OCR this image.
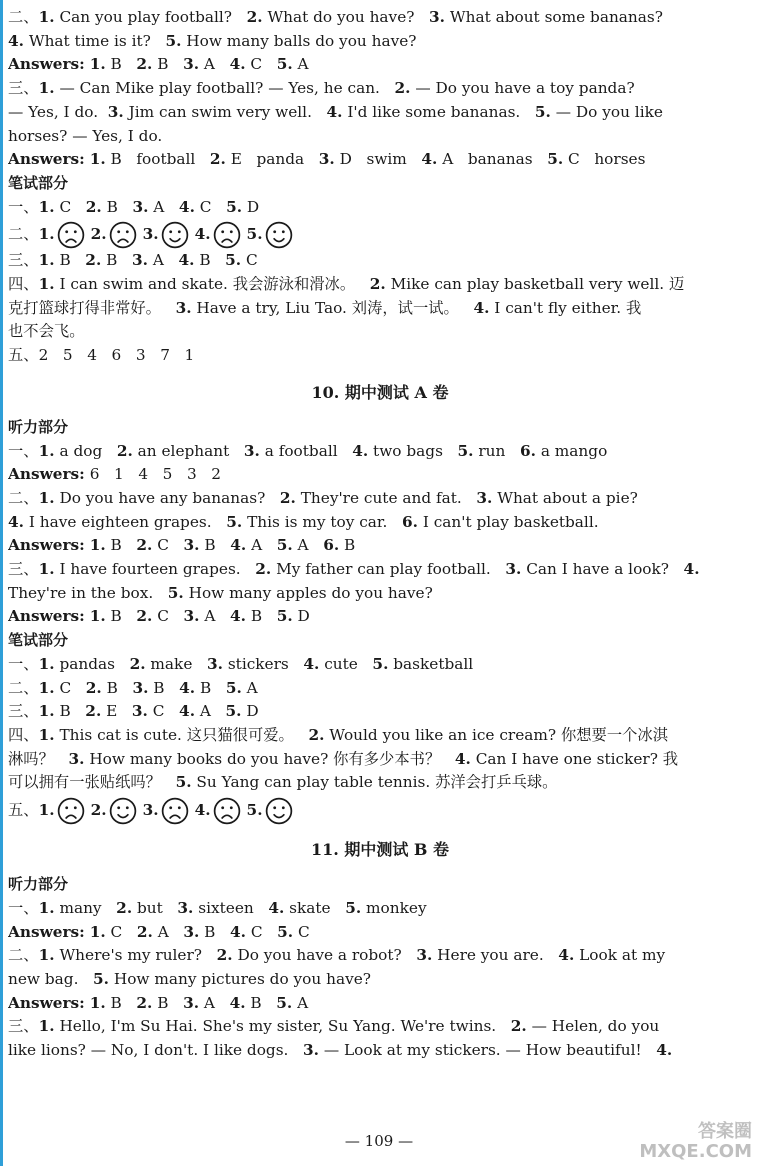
二、1. Can you play football?   2. What do you have?   3. What about some bananas?
4. What time is it?   5. How many balls do you have?
Answers: 1. B   2. B   3. A   4. C   5. A
三、1. — Can Mike play football? — Yes, he can.   2. — Do you have a toy panda?
— Yes, I do.  3. Jim can swim very well.   4. I'd like some bananas.   5. — Do you like
horses? — Yes, I do.
Answers: 1. B   football   2. E   panda   3. D   swim   4. A   bananas   5. C   horses
笔试部分
一、1. C   2. B   3. A   4. C   5. D
二、1. 2. 3. 4. 5.
三、1. B   2. B   3. A   4. B   5. C
四、1. I can swim and skate. 我会游泳和滑冰。   2. Mike can play basketball very well. 迈
克打篮球打得非常好。   3. Have a try, Liu Tao. 刘涛，试一试。   4. I can't fly either. 我
也不会飞。
五、2   5   4   6   3   7   1
10. 期中测试 A 卷
听力部分
一、1. a dog   2. an elephant   3. a football   4. two bags   5. run   6. a mango
Answers: 6   1   4   5   3   2
二、1. Do you have any bananas?   2. They're cute and fat.   3. What about a pie?
4. I have eighteen grapes.   5. This is my toy car.   6. I can't play basketball.
Answers: 1. B   2. C   3. B   4. A   5. A   6. B
三、1. I have fourteen grapes.   2. My father can play football.   3. Can I have a look?   4.
They're in the box.   5. How many apples do you have?
Answers: 1. B   2. C   3. A   4. B   5. D
笔试部分
一、1. pandas   2. make   3. stickers   4. cute   5. basketball
二、1. C   2. B   3. B   4. B   5. A
三、1. B   2. E   3. C   4. A   5. D
四、1. This cat is cute. 这只猫很可爱。   2. Would you like an ice cream? 你想要一个冰淇
淋吗？   3. How many books do you have? 你有多少本书？   4. Can I have one sticker? 我
可以拥有一张贴纸吗？   5. Su Yang can play table tennis. 苏洋会打乒乓球。
五、1. 2. 3. 4. 5.
11. 期中测试 B 卷
听力部分
一、1. many   2. but   3. sixteen   4. skate   5. monkey
Answers: 1. C   2. A   3. B   4. C   5. C
二、1. Where's my ruler?   2. Do you have a robot?   3. Here you are.   4. Look at my
new bag.   5. How many pictures do you have?
Answers: 1. B   2. B   3. A   4. B   5. A
三、1. Hello, I'm Su Hai. She's my sister, Su Yang. We're twins.   2. — Helen, do you
like lions? — No, I don't. I like dogs.   3. — Look at my stickers. — How beautiful!   4.
— 109 —	答案圈
MXQE.COM
